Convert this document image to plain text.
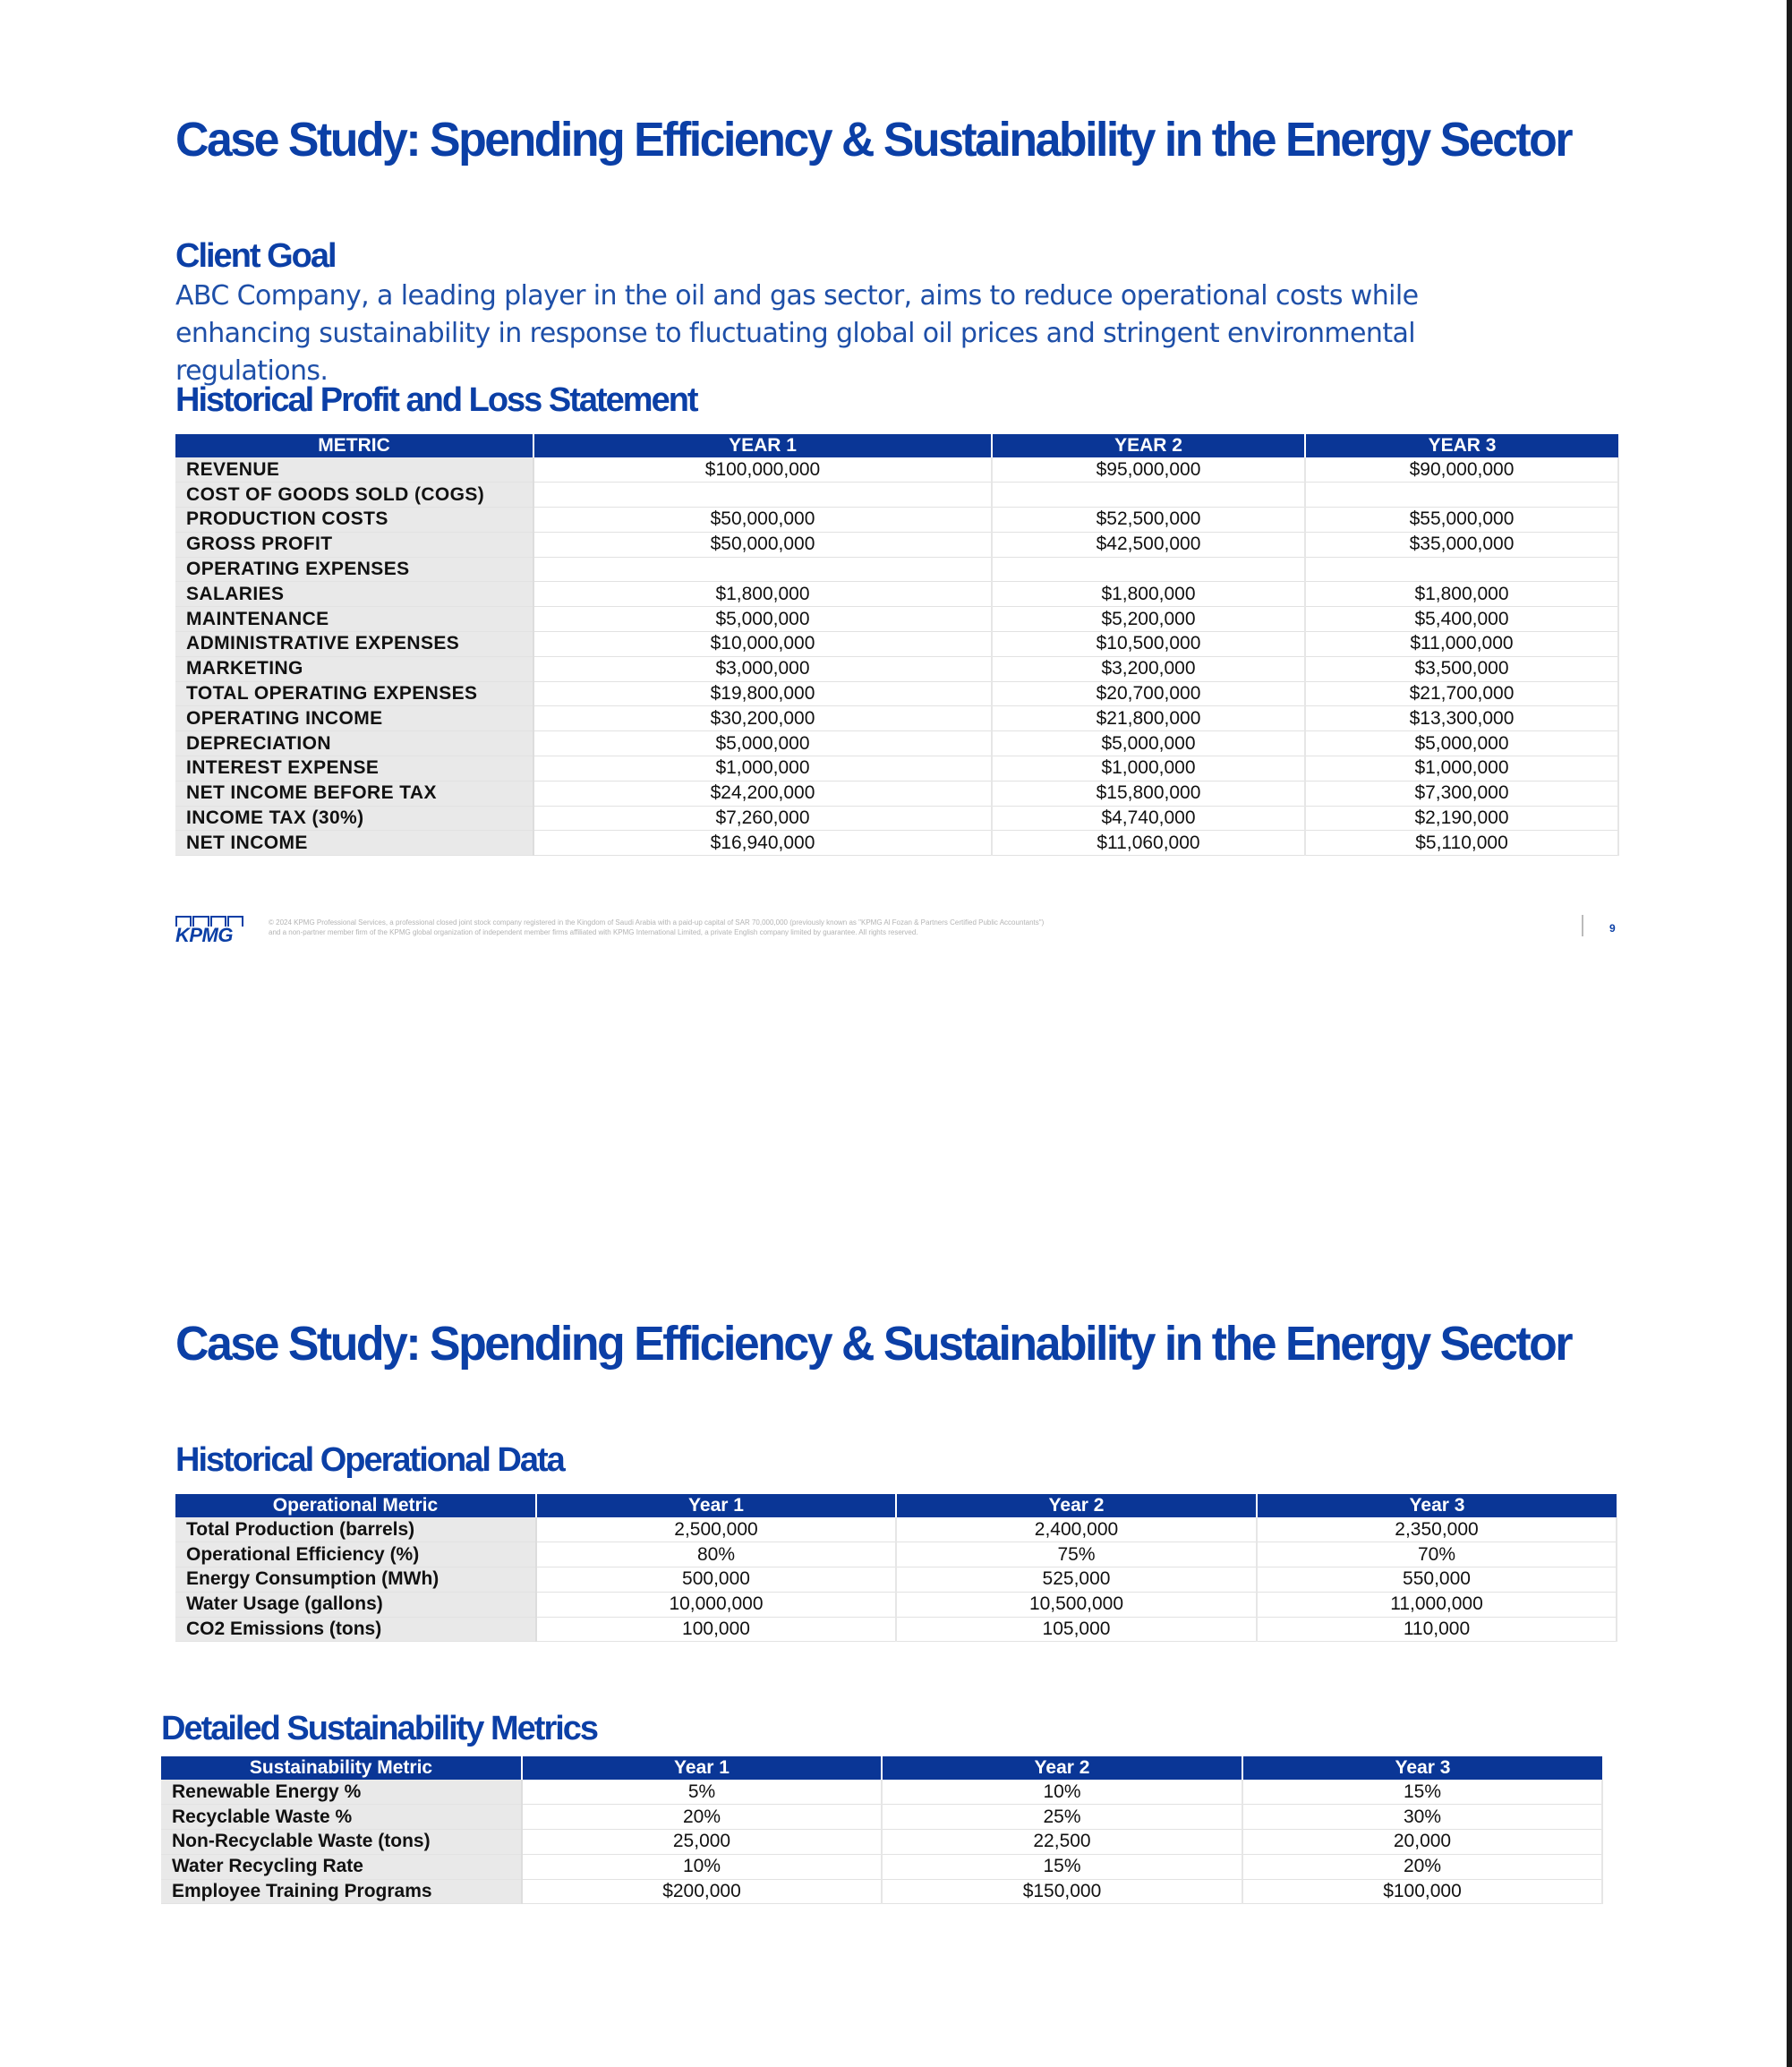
Case Study: Spending Efficiency & Sustainability in the Energy Sector
Client Goal

ABC Company, a leading player in the oil and gas sector, aims to reduce operational costs while enhancing sustainability in response to fluctuating global oil prices and stringent environmental regulations.

Historical Profit and Loss Statement
METRIC	YEAR 1	YEAR 2	YEAR 3
REVENUE	$100,000,000	$95,000,000	$90,000,000
COST OF GOODS SOLD (COGS)			
PRODUCTION COSTS	$50,000,000	$52,500,000	$55,000,000
GROSS PROFIT	$50,000,000	$42,500,000	$35,000,000
OPERATING EXPENSES			
SALARIES	$1,800,000	$1,800,000	$1,800,000
MAINTENANCE	$5,000,000	$5,200,000	$5,400,000
ADMINISTRATIVE EXPENSES	$10,000,000	$10,500,000	$11,000,000
MARKETING	$3,000,000	$3,200,000	$3,500,000
TOTAL OPERATING EXPENSES	$19,800,000	$20,700,000	$21,700,000
OPERATING INCOME	$30,200,000	$21,800,000	$13,300,000
DEPRECIATION	$5,000,000	$5,000,000	$5,000,000
INTEREST EXPENSE	$1,000,000	$1,000,000	$1,000,000
NET INCOME BEFORE TAX	$24,200,000	$15,800,000	$7,300,000
INCOME TAX (30%)	$7,260,000	$4,740,000	$2,190,000
NET INCOME	$16,940,000	$11,060,000	$5,110,000
KPMG
© 2024 KPMG Professional Services, a professional closed joint stock company registered in the Kingdom of Saudi Arabia with a paid-up capital of SAR 70,000,000 (previously known as "KPMG Al Fozan & Partners Certified Public Accountants")
and a non-partner member firm of the KPMG global organization of independent member firms affiliated with KPMG International Limited, a private English company limited by guarantee. All rights reserved.	9
Case Study: Spending Efficiency & Sustainability in the Energy Sector
Historical Operational Data
Operational Metric	Year 1	Year 2	Year 3
Total Production (barrels)	2,500,000	2,400,000	2,350,000
Operational Efficiency (%)	80%	75%	70%
Energy Consumption (MWh)	500,000	525,000	550,000
Water Usage (gallons)	10,000,000	10,500,000	11,000,000
CO2 Emissions (tons)	100,000	105,000	110,000
Detailed Sustainability Metrics
Sustainability Metric	Year 1	Year 2	Year 3
Renewable Energy %	5%	10%	15%
Recyclable Waste %	20%	25%	30%
Non-Recyclable Waste (tons)	25,000	22,500	20,000
Water Recycling Rate	10%	15%	20%
Employee Training Programs	$200,000	$150,000	$100,000
